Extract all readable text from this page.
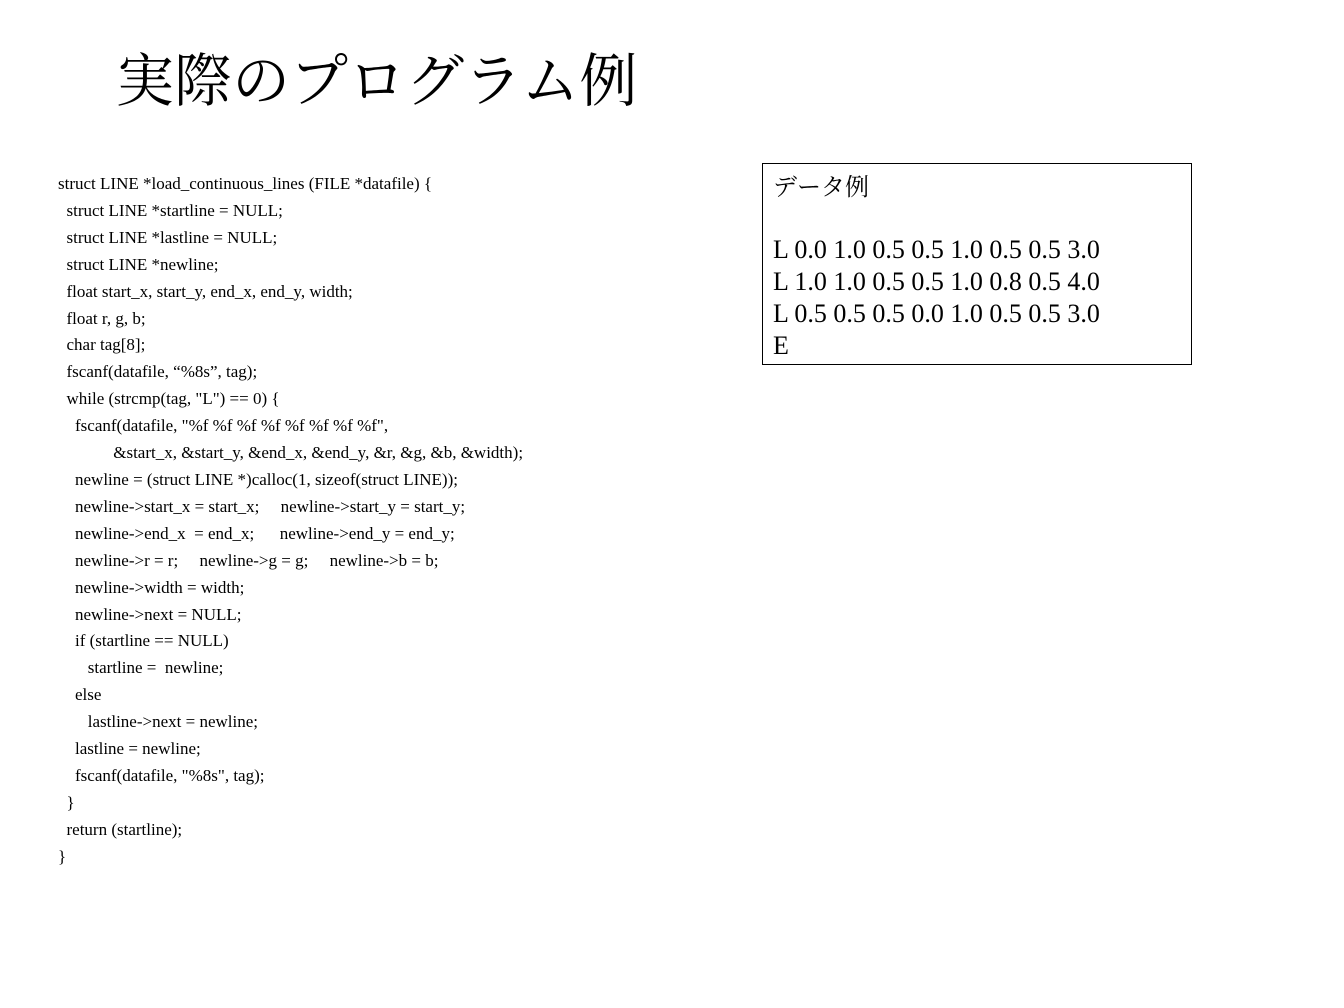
実際のプログラム例
struct LINE *load_continuous_lines (FILE *datafile) {
struct LINE *startline = NULL;
struct LINE *lastline = NULL;
struct LINE *newline;
float start_x, start_y, end_x, end_y, width;
float r, g, b;
char tag[8];
fscanf(datafile, “%8s”, tag);
while (strcmp(tag, "L") == 0) {
fscanf(datafile, "%f %f %f %f %f %f %f %f",
&start_x, &start_y, &end_x, &end_y, &r, &g, &b, &width);
newline = (struct LINE *)calloc(1, sizeof(struct LINE));
newline->start_x = start_x;     newline->start_y = start_y;
newline->end_x  = end_x;      newline->end_y = end_y;
newline->r = r;     newline->g = g;     newline->b = b;
newline->width = width;
newline->next = NULL;
if (startline == NULL)
startline =  newline;
else
lastline->next = newline;
lastline = newline;
fscanf(datafile, "%8s", tag);
}
return (startline);
}
データ例
L 0.0 1.0 0.5 0.5 1.0 0.5 0.5 3.0
L 1.0 1.0 0.5 0.5 1.0 0.8 0.5 4.0
L 0.5 0.5 0.5 0.0 1.0 0.5 0.5 3.0
E
